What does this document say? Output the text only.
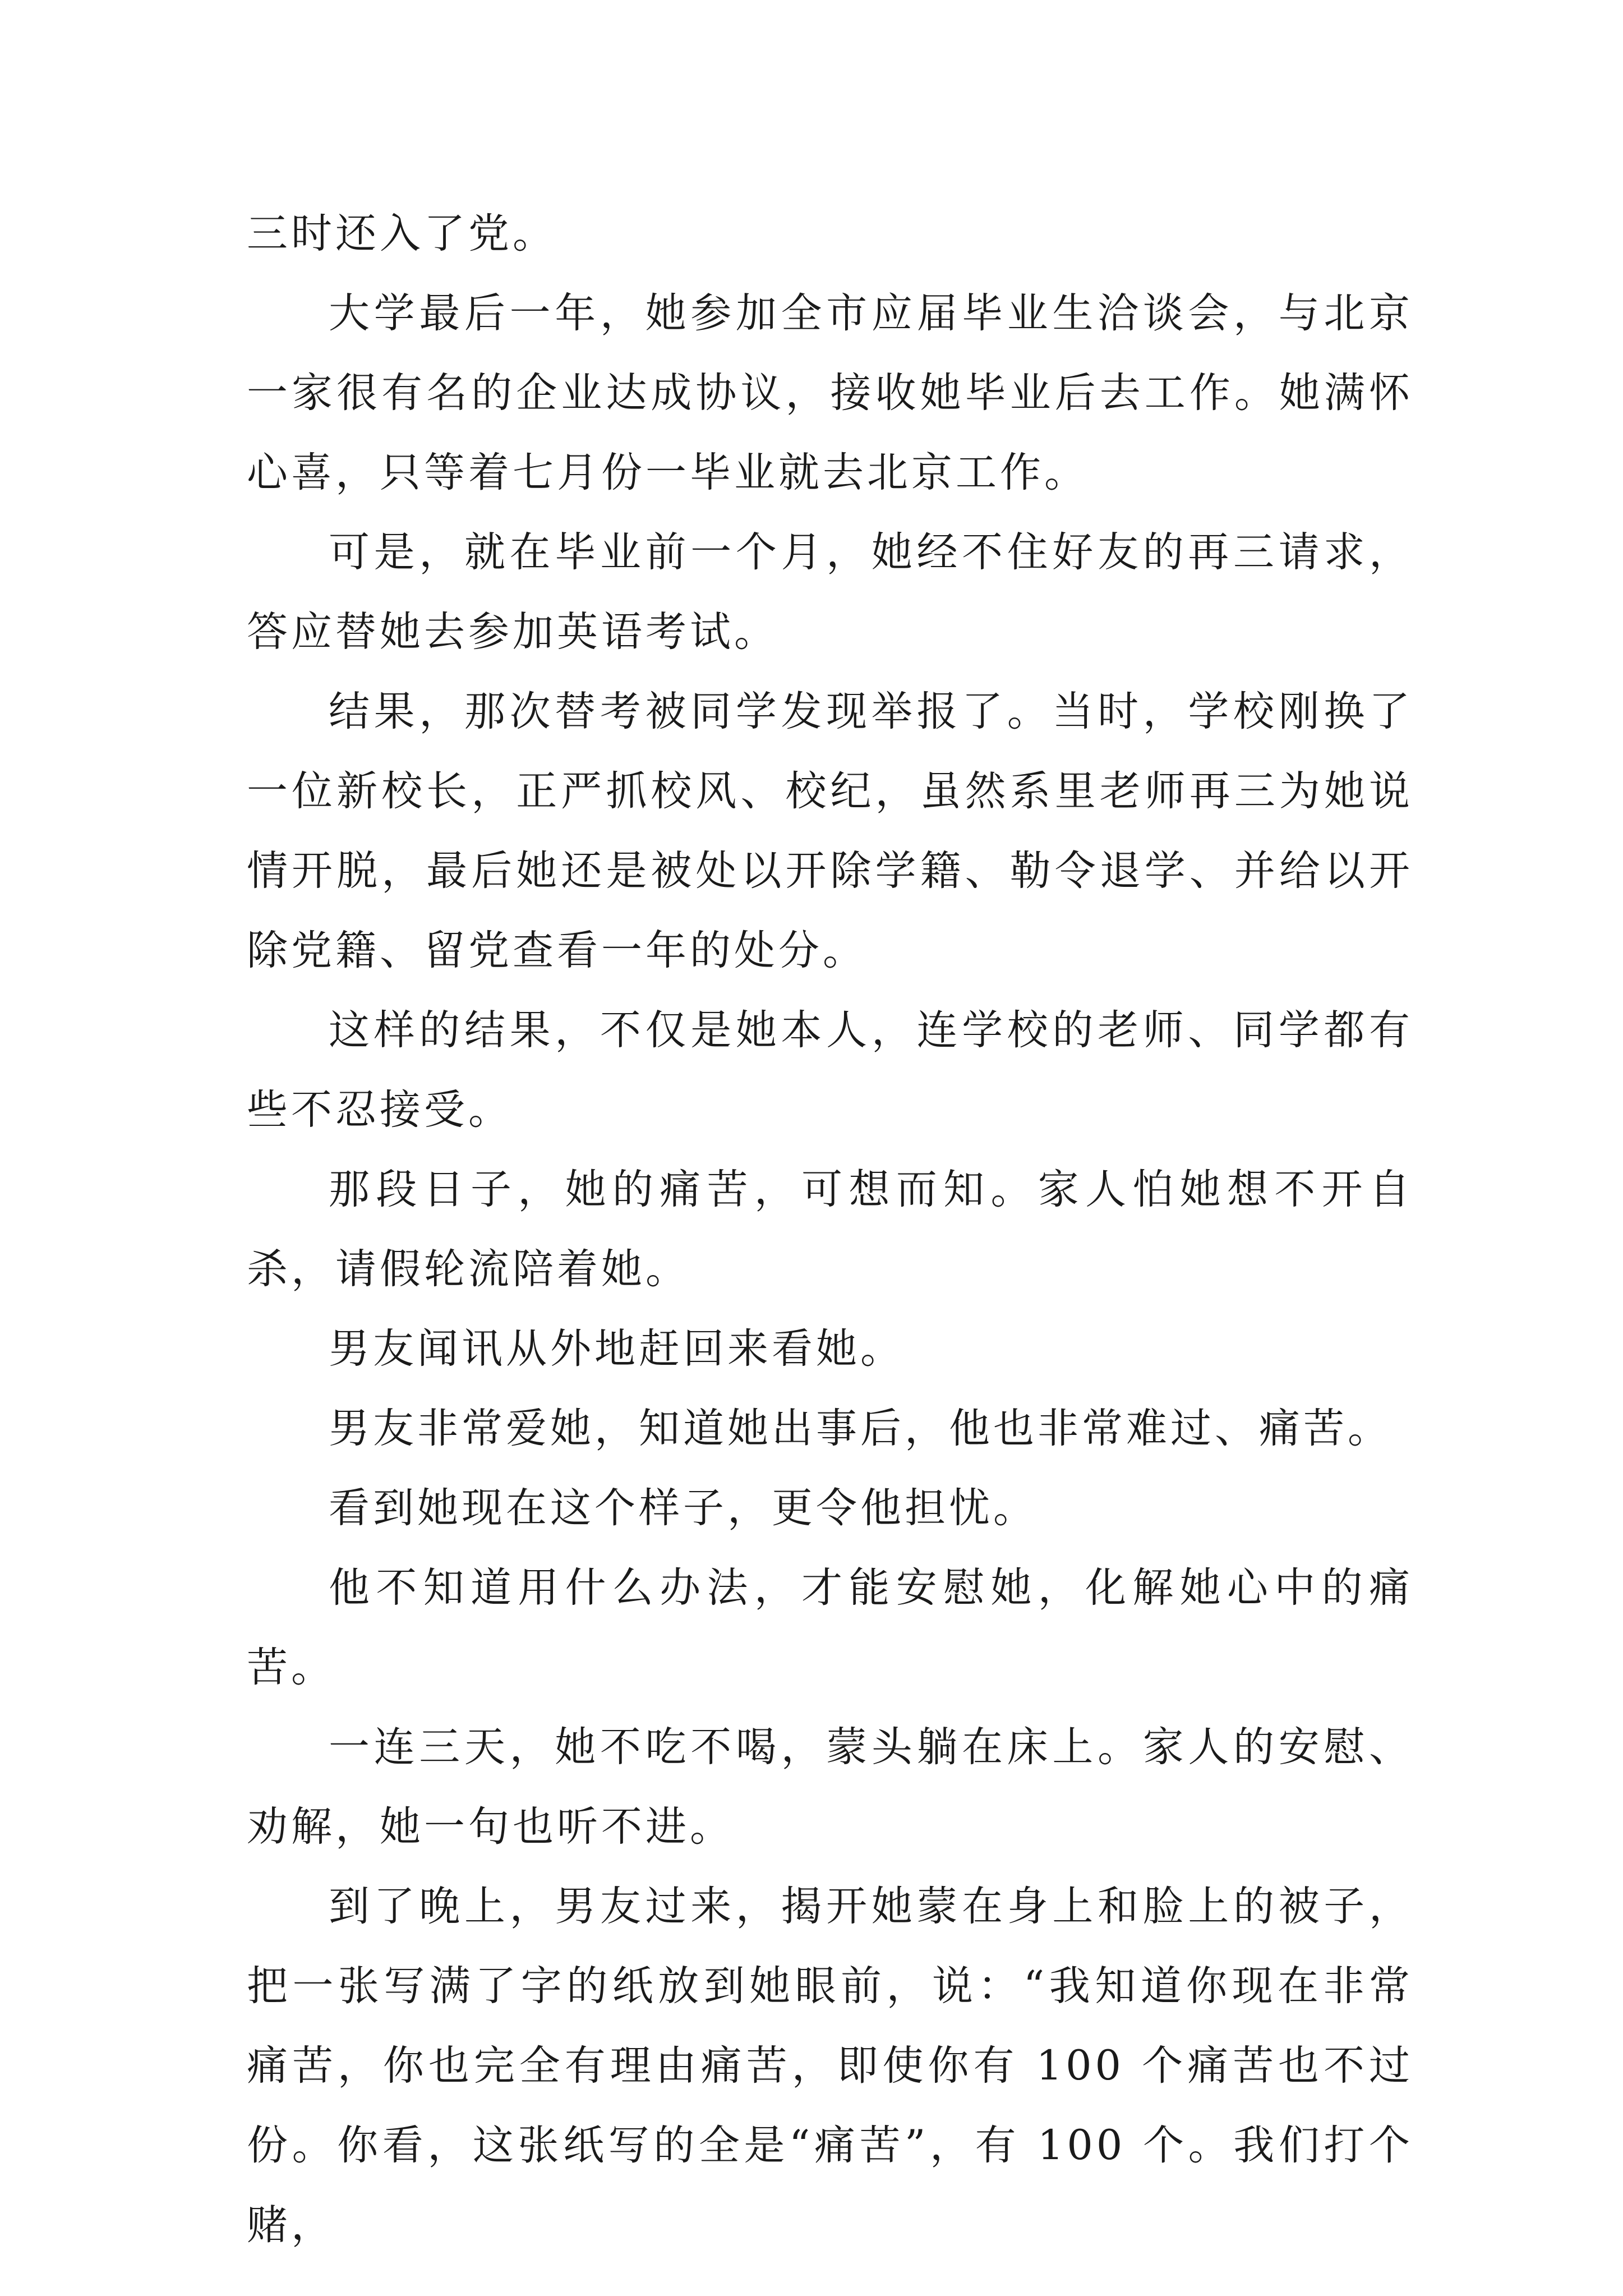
三时还入了党。

大学最后一年，她参加全市应届毕业生洽谈会，与北京一家很有名的企业达成协议，接收她毕业后去工作。她满怀心喜，只等着七月份一毕业就去北京工作。

可是，就在毕业前一个月，她经不住好友的再三请求，答应替她去参加英语考试。

结果，那次替考被同学发现举报了。当时，学校刚换了一位新校长，正严抓校风、校纪，虽然系里老师再三为她说情开脱，最后她还是被处以开除学籍、勒令退学、并给以开除党籍、留党查看一年的处分。

这样的结果，不仅是她本人，连学校的老师、同学都有些不忍接受。

那段日子，她的痛苦，可想而知。家人怕她想不开自杀，请假轮流陪着她。

男友闻讯从外地赶回来看她。

男友非常爱她，知道她出事后，他也非常难过、痛苦。

看到她现在这个样子，更令他担忧。

他不知道用什么办法，才能安慰她，化解她心中的痛苦。

一连三天，她不吃不喝，蒙头躺在床上。家人的安慰、劝解，她一句也听不进。

到了晚上，男友过来，揭开她蒙在身上和脸上的被子，把一张写满了字的纸放到她眼前，说：“我知道你现在非常痛苦，你也完全有理由痛苦，即使你有 100 个痛苦也不过份。你看，这张纸写的全是“痛苦”，有 100 个。我们打个赌，
